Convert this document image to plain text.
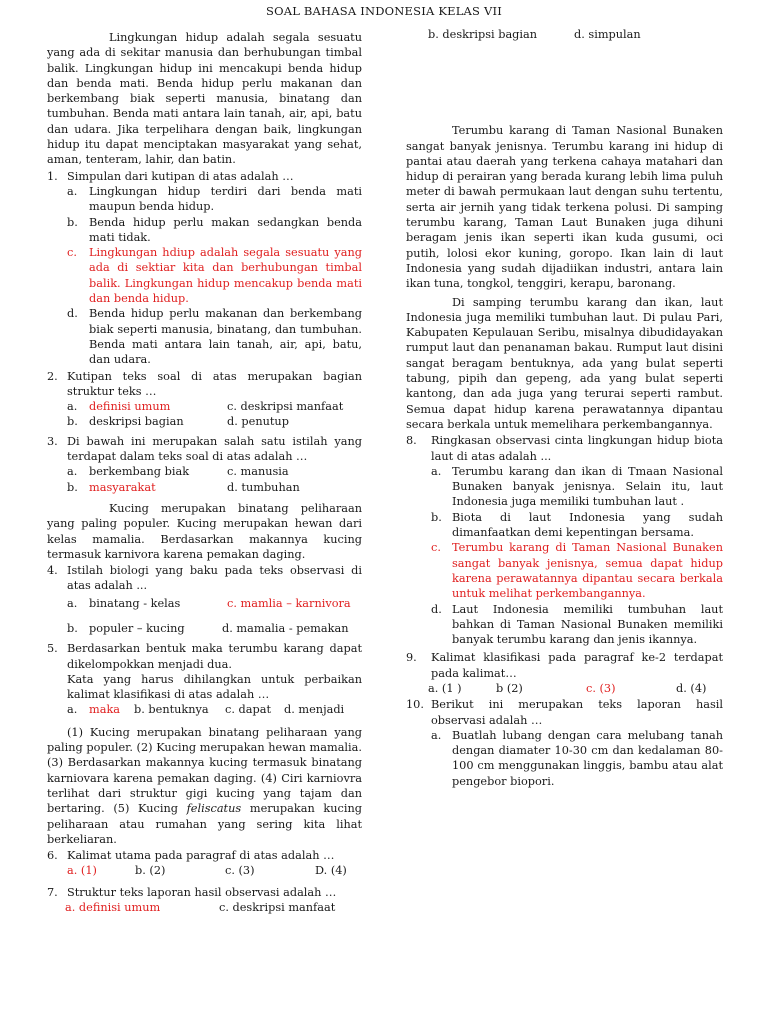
SOAL BAHASA INDONESIA KELAS VII

Lingkungan hidup adalah segala sesuatu yang ada di sekitar manusia dan berhubungan timbal balik. Lingkungan hidup ini mencakupi benda hidup dan benda mati. Benda hidup perlu makanan dan berkembang biak seperti manusia, binatang dan tumbuhan. Benda mati antara lain tanah, air, api, batu dan udara. Jika terpelihara dengan baik, lingkungan hidup itu dapat menciptakan masyarakat yang sehat, aman, tenteram, lahir, dan batin.

1. Simpulan dari kutipan di atas adalah …
a. Lingkungan hidup terdiri dari benda mati maupun benda hidup.
b. Benda hidup perlu makan sedangkan benda mati tidak.
c. Lingkungan hdiup adalah segala sesuatu yang ada di sektiar kita dan berhubungan timbal balik. Lingkungan hidup mencakup benda mati dan benda hidup.
d. Benda hidup perlu makanan dan berkembang biak seperti manusia, binatang, dan tumbuhan. Benda mati antara lain tanah, air, api, batu, dan udara.
2. Kutipan teks soal di atas merupakan bagian struktur teks …
a. definisi umum	c. deskripsi manfaat
b. deskripsi bagian	d. penutup
3. Di bawah ini merupakan salah satu istilah yang terdapat dalam teks soal di atas adalah …
a. berkembang biak	c. manusia
b. masyarakat	d. tumbuhan

Kucing merupakan binatang peliharaan yang paling populer. Kucing merupakan hewan dari kelas mamalia. Berdasarkan makannya kucing termasuk karnivora karena pemakan daging.

4. Istilah biologi yang baku pada teks observasi di atas adalah ...
a. binatang - kelas	c. mamlia – karnivora
b. populer – kucing	d. mamalia - pemakan
5. Berdasarkan bentuk maka terumbu karang dapat dikelompokkan menjadi dua.

Kata yang harus dihilangkan untuk perbaikan kalimat klasifikasi di atas adalah …

a. maka b. bentuknya c. dapat d. menjadi

(1) Kucing merupakan binatang peliharaan yang paling populer. (2) Kucing merupakan hewan mamalia. (3) Berdasarkan makannya kucing termasuk binatang karniovara karena pemakan daging. (4) Ciri karniovra terlihat dari struktur gigi kucing yang tajam dan bertaring. (5) Kucing feliscatus merupakan kucing peliharaan atau rumahan yang sering kita lihat berkeliaran.

6. Kalimat utama pada paragraf di atas adalah …
a. (1)	b. (2)	c. (3)	D. (4)
7. Struktur teks laporan hasil observasi adalah …
a. definisi umum	c. deskripsi manfaat
b. deskripsi bagian	d. simpulan

Terumbu karang di Taman Nasional Bunaken sangat banyak jenisnya. Terumbu karang ini hidup di pantai atau daerah yang terkena cahaya matahari dan hidup di perairan yang berada kurang lebih lima puluh meter di bawah permukaan laut dengan suhu tertentu, serta air jernih yang tidak terkena polusi. Di samping terumbu karang, Taman Laut Bunaken juga dihuni beragam jenis ikan seperti ikan kuda gusumi, oci putih, lolosi ekor kuning, goropo. Ikan lain di laut Indonesia yang sudah dijadiikan industri, antara lain ikan tuna, tongkol, tenggiri, kerapu, baronang.

Di samping terumbu karang dan ikan, laut Indonesia juga memiliki tumbuhan laut. Di pulau Pari, Kabupaten Kepulauan Seribu, misalnya dibudidayakan rumput laut dan penanaman bakau. Rumput laut disini sangat beragam bentuknya, ada yang bulat seperti tabung, pipih dan gepeng, ada yang bulat seperti kantong, dan ada juga yang terurai seperti rambut. Semua dapat hidup karena perawatannya dipantau secara berkala untuk memelihara perkembangannya.

8. Ringkasan observasi cinta lingkungan hidup biota laut di atas adalah ...
a. Terumbu karang dan ikan di Tmaan Nasional Bunaken banyak jenisnya. Selain itu, laut Indonesia juga memiliki tumbuhan laut .
b. Biota di laut Indonesia yang sudah dimanfaatkan demi kepentingan bersama.
c. Terumbu karang di Taman Nasional Bunaken sangat banyak jenisnya, semua dapat hidup karena perawatannya dipantau secara berkala untuk melihat perkembangannya.
d. Laut Indonesia memiliki tumbuhan laut bahkan di Taman Nasional Bunaken memiliki banyak terumbu karang dan jenis ikannya.
9. Kalimat klasifikasi pada paragraf ke-2 terdapat pada kalimat…
a. (1 )	b (2)	c. (3)	d. (4)
10. Berikut ini merupakan teks laporan hasil observasi adalah …
a. Buatlah lubang dengan cara melubang tanah dengan diamater 10-30 cm dan kedalaman 80-100 cm menggunakan linggis, bambu atau alat pengebor biopori.
